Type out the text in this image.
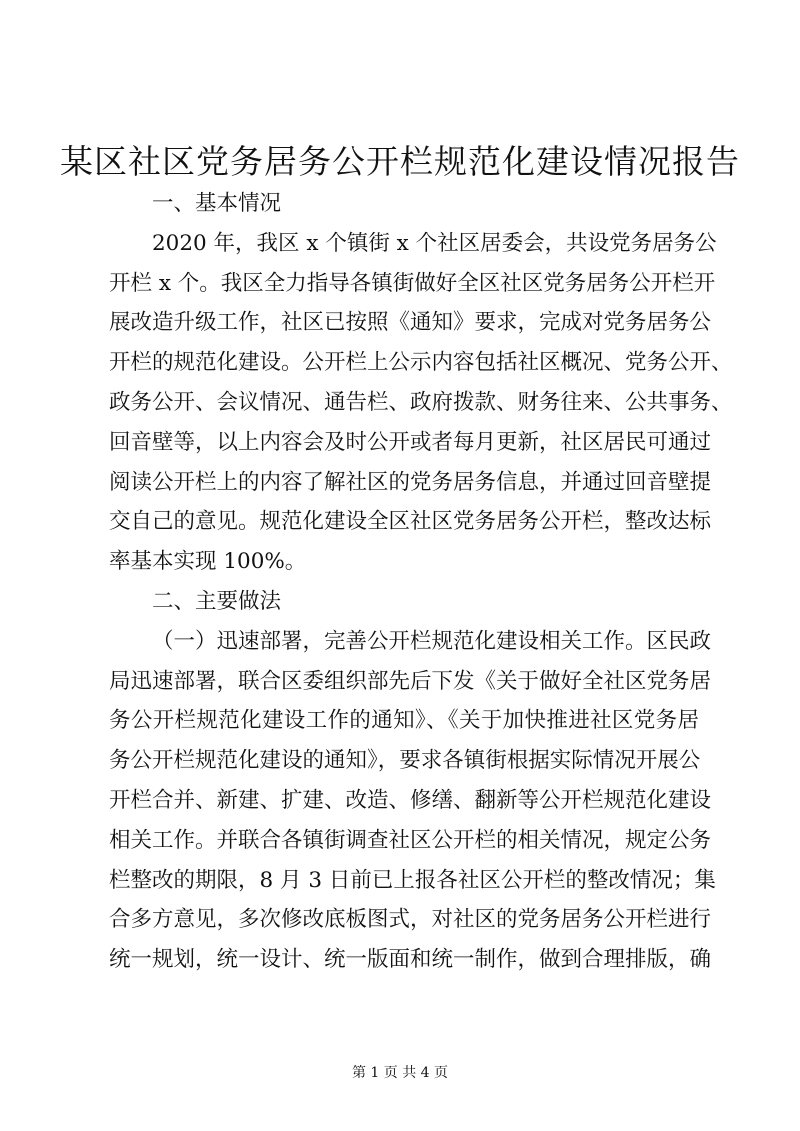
某区社区党务居务公开栏规范化建设情况报告
一、基本情况
2020 年，我区 x 个镇街 x 个社区居委会，共设党务居务公
开栏 x 个。我区全力指导各镇街做好全区社区党务居务公开栏开
展改造升级工作，社区已按照《通知》要求，完成对党务居务公
开栏的规范化建设。公开栏上公示内容包括社区概况、党务公开、
政务公开、会议情况、通告栏、政府拨款、财务往来、公共事务、
回音壁等，以上内容会及时公开或者每月更新，社区居民可通过
阅读公开栏上的内容了解社区的党务居务信息，并通过回音壁提
交自己的意见。规范化建设全区社区党务居务公开栏，整改达标
率基本实现 100%。
二、主要做法
（一）迅速部署，完善公开栏规范化建设相关工作。区民政
局迅速部署，联合区委组织部先后下发《关于做好全社区党务居
务公开栏规范化建设工作的通知》、《关于加快推进社区党务居
务公开栏规范化建设的通知》，要求各镇街根据实际情况开展公
开栏合并、新建、扩建、改造、修缮、翻新等公开栏规范化建设
相关工作。并联合各镇街调查社区公开栏的相关情况，规定公务
栏整改的期限，8 月 3 日前已上报各社区公开栏的整改情况；集
合多方意见，多次修改底板图式，对社区的党务居务公开栏进行
统一规划，统一设计、统一版面和统一制作，做到合理排版，确
第 1 页 共 4 页
